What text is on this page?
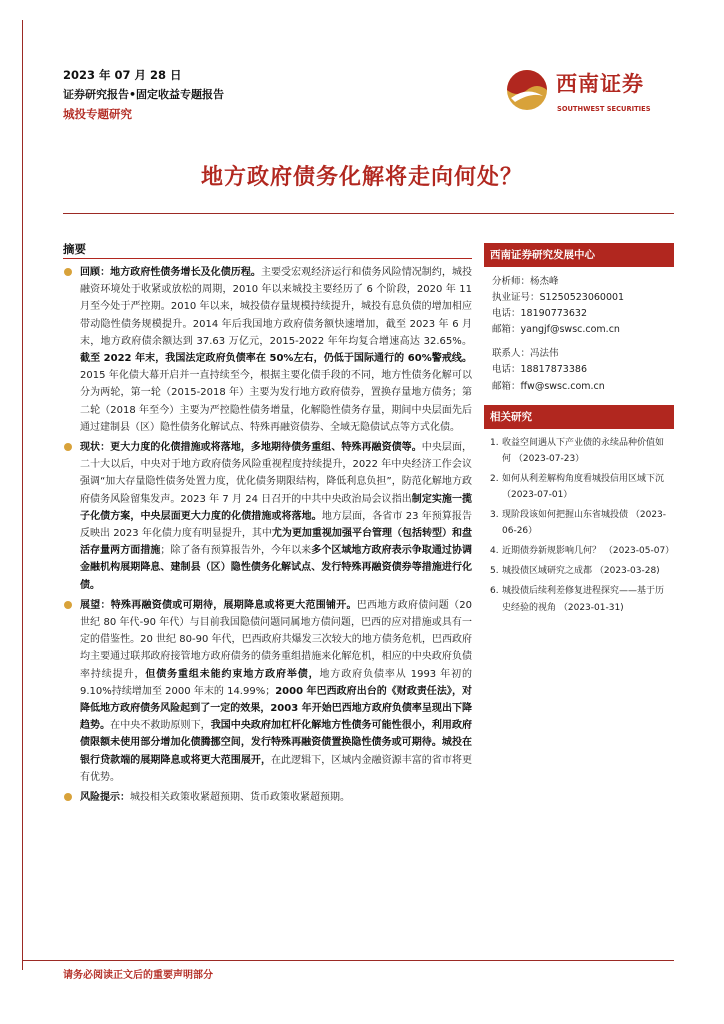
2023 年 07 月 28 日
证券研究报告•固定收益专题报告
城投专题研究
西南证券
SOUTHWEST SECURITIES
地方政府债务化解将走向何处？
摘要
回顾：地方政府性债务增长及化债历程。主要受宏观经济运行和债务风险情况制约，城投融资环境处于收紧或放松的周期，2010 年以来城投主要经历了 6 个阶段，2020 年 11 月至今处于严控期。2010 年以来，城投债存量规模持续提升，城投有息负债的增加相应带动隐性债务规模提升。2014 年后我国地方政府债务额快速增加，截至 2023 年 6 月末，地方政府债余额达到 37.63 万亿元，2015-2022 年年均复合增速高达 32.65%。截至 2022 年末，我国法定政府负债率在 50%左右，仍低于国际通行的 60%警戒线。2015 年化债大幕开启并一直持续至今，根据主要化债手段的不同，地方性债务化解可以分为两轮，第一轮（2015-2018 年）主要为发行地方政府债券，置换存量地方债务；第二轮（2018 年至今）主要为严控隐性债务增量，化解隐性债务存量，期间中央层面先后通过建制县（区）隐性债务化解试点、特殊再融资债券、全域无隐债试点等方式化债。
现状：更大力度的化债措施或将落地，多地期待债务重组、特殊再融资债等。中央层面，二十大以后，中央对于地方政府债务风险重视程度持续提升，2022 年中央经济工作会议强调“加大存量隐性债务处置力度，优化债务期限结构，降低利息负担”，防范化解地方政府债务风险留集发声。2023 年 7 月 24 日召开的中共中央政治局会议指出制定实施一揽子化债方案，中央层面更大力度的化债措施或将落地。地方层面，各省市 23 年预算报告反映出 2023 年化债力度有明显提升，其中尤为更加重视加强平台管理（包括转型）和盘活存量两方面措施；除了备有预算报告外，今年以来多个区域地方政府表示争取通过协调金融机构展期降息、建制县（区）隐性债务化解试点、发行特殊再融资债券等措施进行化债。
展望：特殊再融资债或可期待，展期降息或将更大范围铺开。巴西地方政府债问题（20 世纪 80 年代-90 年代）与目前我国隐债问题同属地方债问题，巴西的应对措施或具有一定的借鉴性。20 世纪 80-90 年代，巴西政府共爆发三次较大的地方债务危机，巴西政府均主要通过联邦政府接管地方政府债务的债务重组措施来化解危机，相应的中央政府负债率持续提升，但债务重组未能约束地方政府举债，地方政府负债率从 1993 年初的 9.10%持续增加至 2000 年末的 14.99%；2000 年巴西政府出台的《财政责任法》，对降低地方政府债务风险起到了一定的效果，2003 年开始巴西地方政府负债率呈现出下降趋势。在中央不救助原则下，我国中央政府加杠杆化解地方性债务可能性很小，利用政府债限额未使用部分增加化债腾挪空间，发行特殊再融资债置换隐性债务或可期待。城投在银行贷款端的展期降息或将更大范围展开，在此逻辑下，区域内金融资源丰富的省市将更有优势。
风险提示：城投相关政策收紧超预期、货币政策收紧超预期。
西南证券研究发展中心
分析师：杨杰峰
执业证号：S1250523060001
电话：18190773632
邮箱：yangjf@swsc.com.cn
联系人：冯法伟
电话：18817873386
邮箱：ffw@swsc.com.cn
相关研究
1. 收益空间遇从下产业债的永续品种价值如何 （2023-07-23）
2. 如何从利差解构角度看城投信用区域下沉 （2023-07-01）
3. 现阶段该如何把握山东省城投债 （2023-06-26）
4. 近期债券新规影响几何？ （2023-05-07）
5. 城投债区域研究之成都 （2023-03-28)
6. 城投债后续利差修复进程探究——基于历史经验的视角 （2023-01-31)
请务必阅读正文后的重要声明部分
